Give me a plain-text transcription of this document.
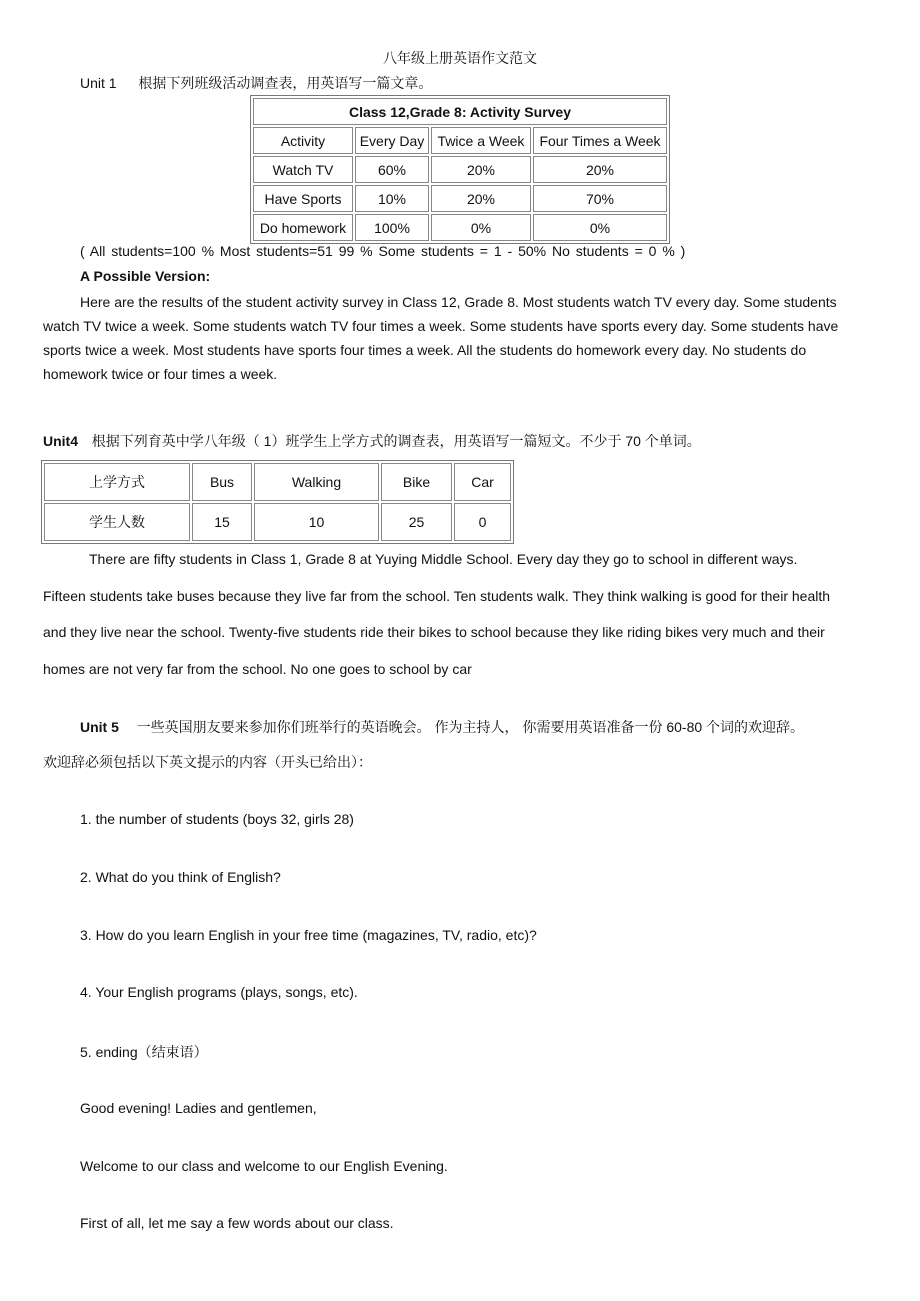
八年级上册英语作文范文
Unit 1 根据下列班级活动调查表，用英语写一篇文章。
Class 12,Grade 8: Activity Survey			
Activity	Every Day	Twice a Week	Four Times a Week
Watch TV	60%	20%	20%
Have Sports	10%	20%	70%
Do homework	100%	0%	0%
( All students=100 % Most students=51 99 % Some students = 1 - 50% No students = 0 % )
A Possible Version:
Here are the results of the student activity survey in Class 12, Grade 8. Most students watch TV every day. Some students
watch TV twice a week. Some students watch TV four times a week. Some students have sports every day. Some students have
sports twice a week. Most students have sports four times a week. All the students do homework every day. No students do
homework twice or four times a week.
Unit4 根据下列育英中学八年级（ 1）班学生上学方式的调查表，用英语写一篇短文。不少于 70 个单词。
上学方式	Bus	Walking	Bike	Car
学生人数	15	10	25	0
There are fifty students in Class 1, Grade 8 at Yuying Middle School. Every day they go to school in different ways.
Fifteen students take buses because they live far from the school. Ten students walk. They think walking is good for their health
and they live near the school. Twenty-five students ride their bikes to school because they like riding bikes very much and their
homes are not very far from the school. No one goes to school by car
Unit 5 一些英国朋友要来参加你们班举行的英语晚会。 作为主持人， 你需要用英语准备一份 60-80 个词的欢迎辞。
欢迎辞必须包括以下英文提示的内容（开头已给出）：
1. the number of students (boys 32, girls 28)
2. What do you think of English?
3. How do you learn English in your free time (magazines, TV, radio, etc)?
4. Your English programs (plays, songs, etc).
5. ending（结束语）
Good evening! Ladies and gentlemen,
Welcome to our class and welcome to our English Evening.
First of all, let me say a few words about our class.
